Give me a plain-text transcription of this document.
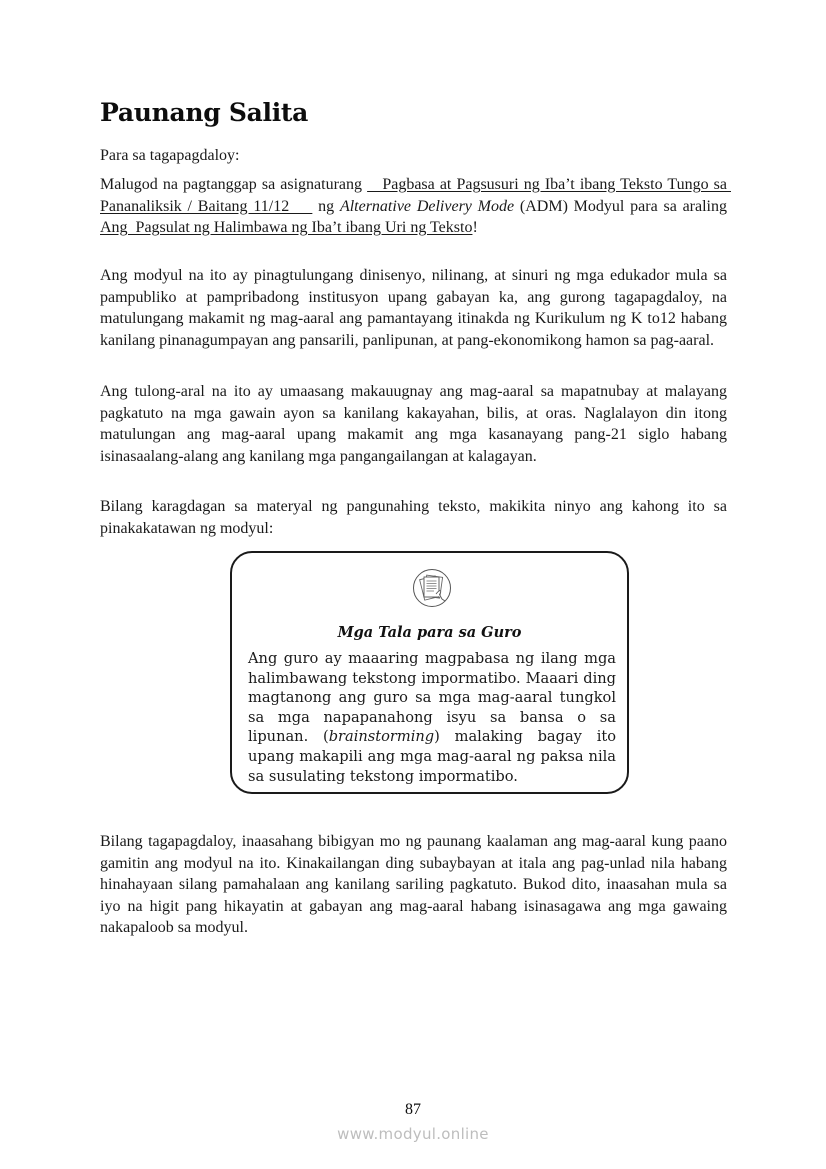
Paunang Salita

Para sa tagapagdaloy:

Malugod na pagtanggap sa asignaturang    Pagbasa at Pagsusuri ng Iba’t ibang Teksto Tungo sa Pananaliksik / Baitang 11/12     ng Alternative Delivery Mode (ADM) Modyul para sa araling Ang  Pagsulat ng Halimbawa ng Iba’t ibang Uri ng Teksto!

Ang modyul na ito ay pinagtulungang dinisenyo, nilinang, at sinuri ng mga edukador mula sa pampubliko at pampribadong institusyon upang gabayan ka, ang gurong tagapagdaloy, na matulungang makamit ng mag-aaral ang pamantayang itinakda ng Kurikulum ng K to12 habang kanilang pinanagumpayan ang pansarili, panlipunan, at pang-ekonomikong hamon sa pag-aaral.

Ang tulong-aral na ito ay umaasang makauugnay ang mag-aaral sa mapatnubay at malayang pagkatuto na mga gawain ayon sa kanilang kakayahan, bilis, at oras. Naglalayon din itong matulungan ang mag-aaral upang makamit ang mga kasanayang pang-21 siglo habang isinasaalang-alang ang kanilang mga pangangailangan at kalagayan.

Bilang karagdagan sa materyal ng pangunahing teksto, makikita ninyo ang kahong ito sa pinakakatawan ng modyul:

Mga Tala para sa Guro

Ang guro ay maaaring magpabasa ng ilang mga halimbawang tekstong impormatibo. Maaari ding magtanong ang guro sa mga mag-aaral tungkol sa mga napapanahong isyu sa bansa o sa lipunan. (brainstorming) malaking bagay ito upang makapili ang mga mag-aaral ng paksa nila sa susulating tekstong impormatibo.

Bilang tagapagdaloy, inaasahang bibigyan mo ng paunang kaalaman ang mag-aaral kung paano gamitin ang modyul na ito. Kinakailangan ding subaybayan at itala ang pag-unlad nila habang hinahayaan silang pamahalaan ang kanilang sariling pagkatuto. Bukod dito, inaasahan mula sa iyo na higit pang hikayatin at gabayan ang mag-aaral habang isinasagawa ang mga gawaing nakapaloob sa modyul.

87
www.modyul.online
